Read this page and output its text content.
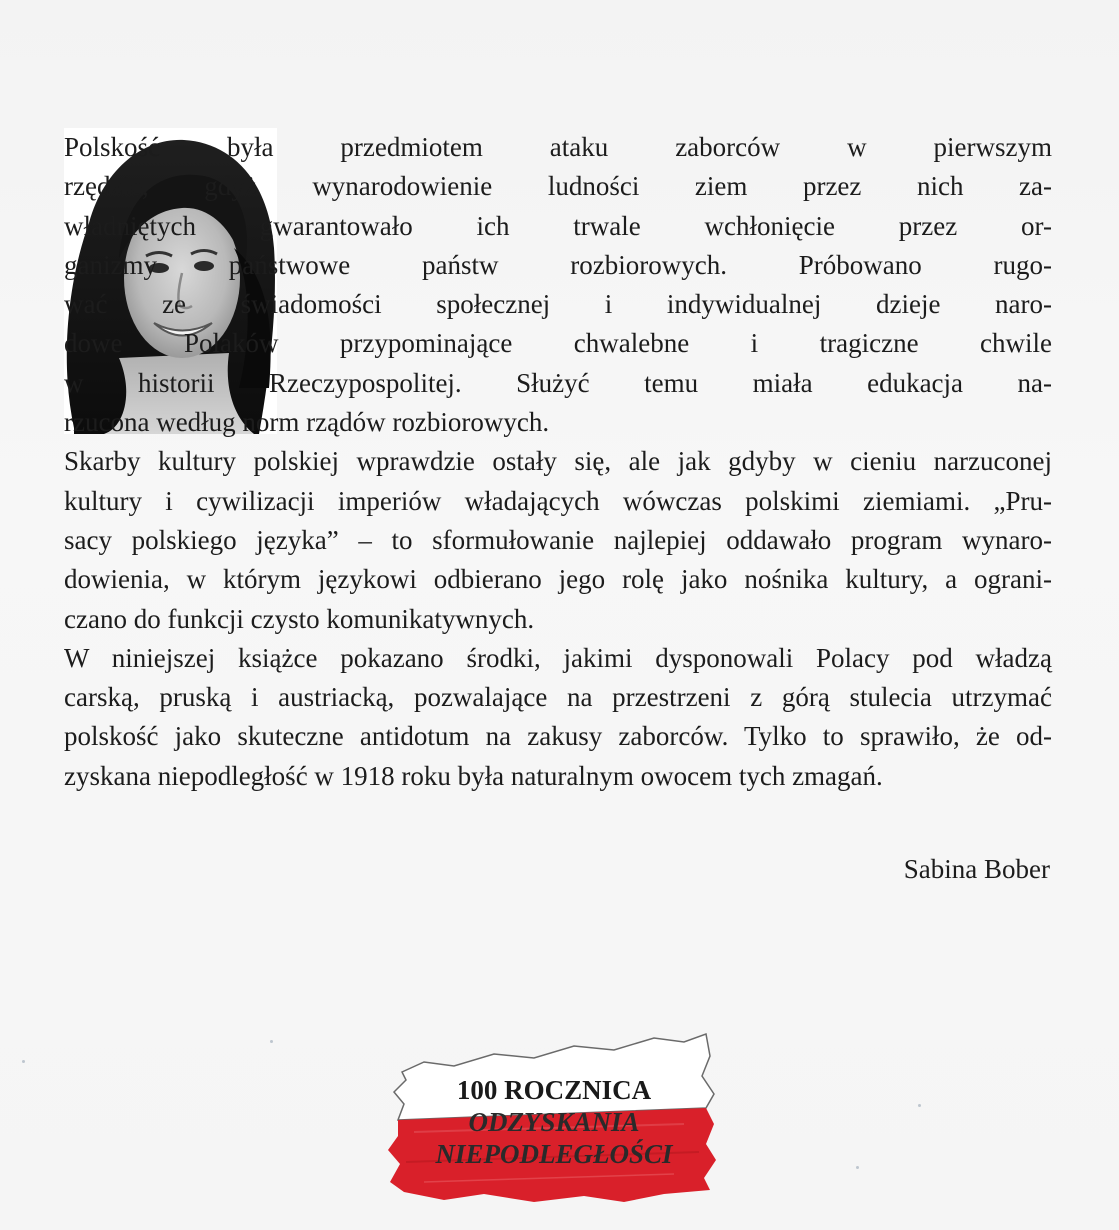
Polskość była przedmiotem ataku zaborców w pierwszym
rzędzie, gdyż wynarodowienie ludności ziem przez nich za-
władniętych gwarantowało ich trwale wchłonięcie przez or-
ganizmy państwowe państw rozbiorowych. Próbowano rugo-
wać ze świadomości społecznej i indywidualnej dzieje naro-
dowe Polaków przypominające chwalebne i tragiczne chwile
w historii Rzeczypospolitej. Służyć temu miała edukacja na-
rzucona według norm rządów rozbiorowych.
Skarby kultury polskiej wprawdzie ostały się, ale jak gdyby w cieniu narzuconej
kultury i cywilizacji imperiów władających wówczas polskimi ziemiami. „Pru-
sacy polskiego języka” – to sformułowanie najlepiej oddawało program wynaro-
dowienia, w którym językowi odbierano jego rolę jako nośnika kultury, a ograni-
czano do funkcji czysto komunikatywnych.
W niniejszej książce pokazano środki, jakimi dysponowali Polacy pod władzą
carską, pruską i austriacką, pozwalające na przestrzeni z górą stulecia utrzymać
polskość jako skuteczne antidotum na zakusy zaborców. Tylko to sprawiło, że od-
zyskana niepodległość w 1918 roku była naturalnym owocem tych zmagań.
Sabina Bober
100 ROCZNICA
ODZYSKANIA
NIEPODLEGŁOŚCI
